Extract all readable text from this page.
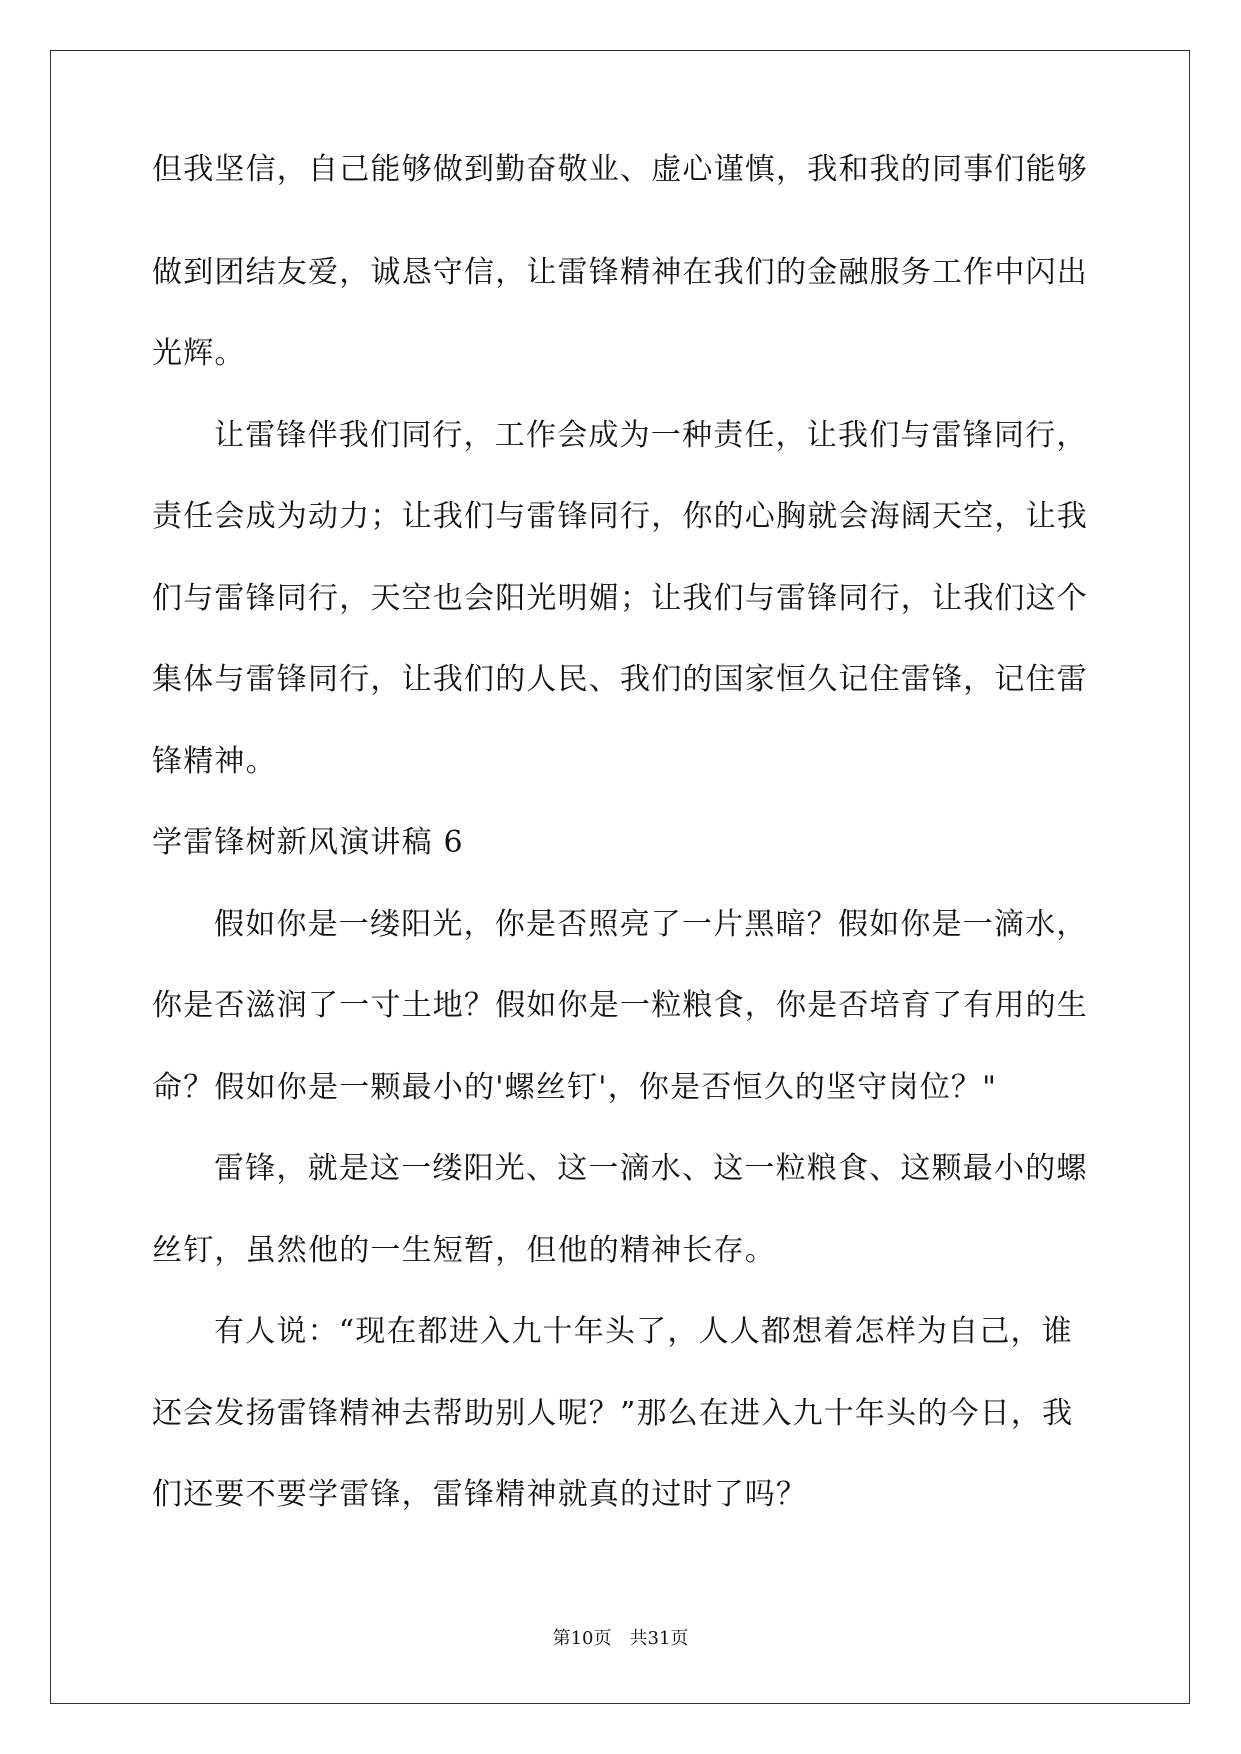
但我坚信，自己能够做到勤奋敬业、虚心谨慎，我和我的同事们能够
做到团结友爱，诚恳守信，让雷锋精神在我们的金融服务工作中闪出
光辉。
让雷锋伴我们同行，工作会成为一种责任，让我们与雷锋同行，
责任会成为动力；让我们与雷锋同行，你的心胸就会海阔天空，让我
们与雷锋同行，天空也会阳光明媚；让我们与雷锋同行，让我们这个
集体与雷锋同行，让我们的人民、我们的国家恒久记住雷锋，记住雷
锋精神。
学雷锋树新风演讲稿 6
假如你是一缕阳光，你是否照亮了一片黑暗？假如你是一滴水，
你是否滋润了一寸土地？假如你是一粒粮食，你是否培育了有用的生
命？假如你是一颗最小的'螺丝钉'，你是否恒久的坚守岗位？"
雷锋，就是这一缕阳光、这一滴水、这一粒粮食、这颗最小的螺
丝钉，虽然他的一生短暂，但他的精神长存。
有人说：“现在都进入九十年头了，人人都想着怎样为自己，谁
还会发扬雷锋精神去帮助别人呢？”那么在进入九十年头的今日，我
们还要不要学雷锋，雷锋精神就真的过时了吗？
第10页　共31页
